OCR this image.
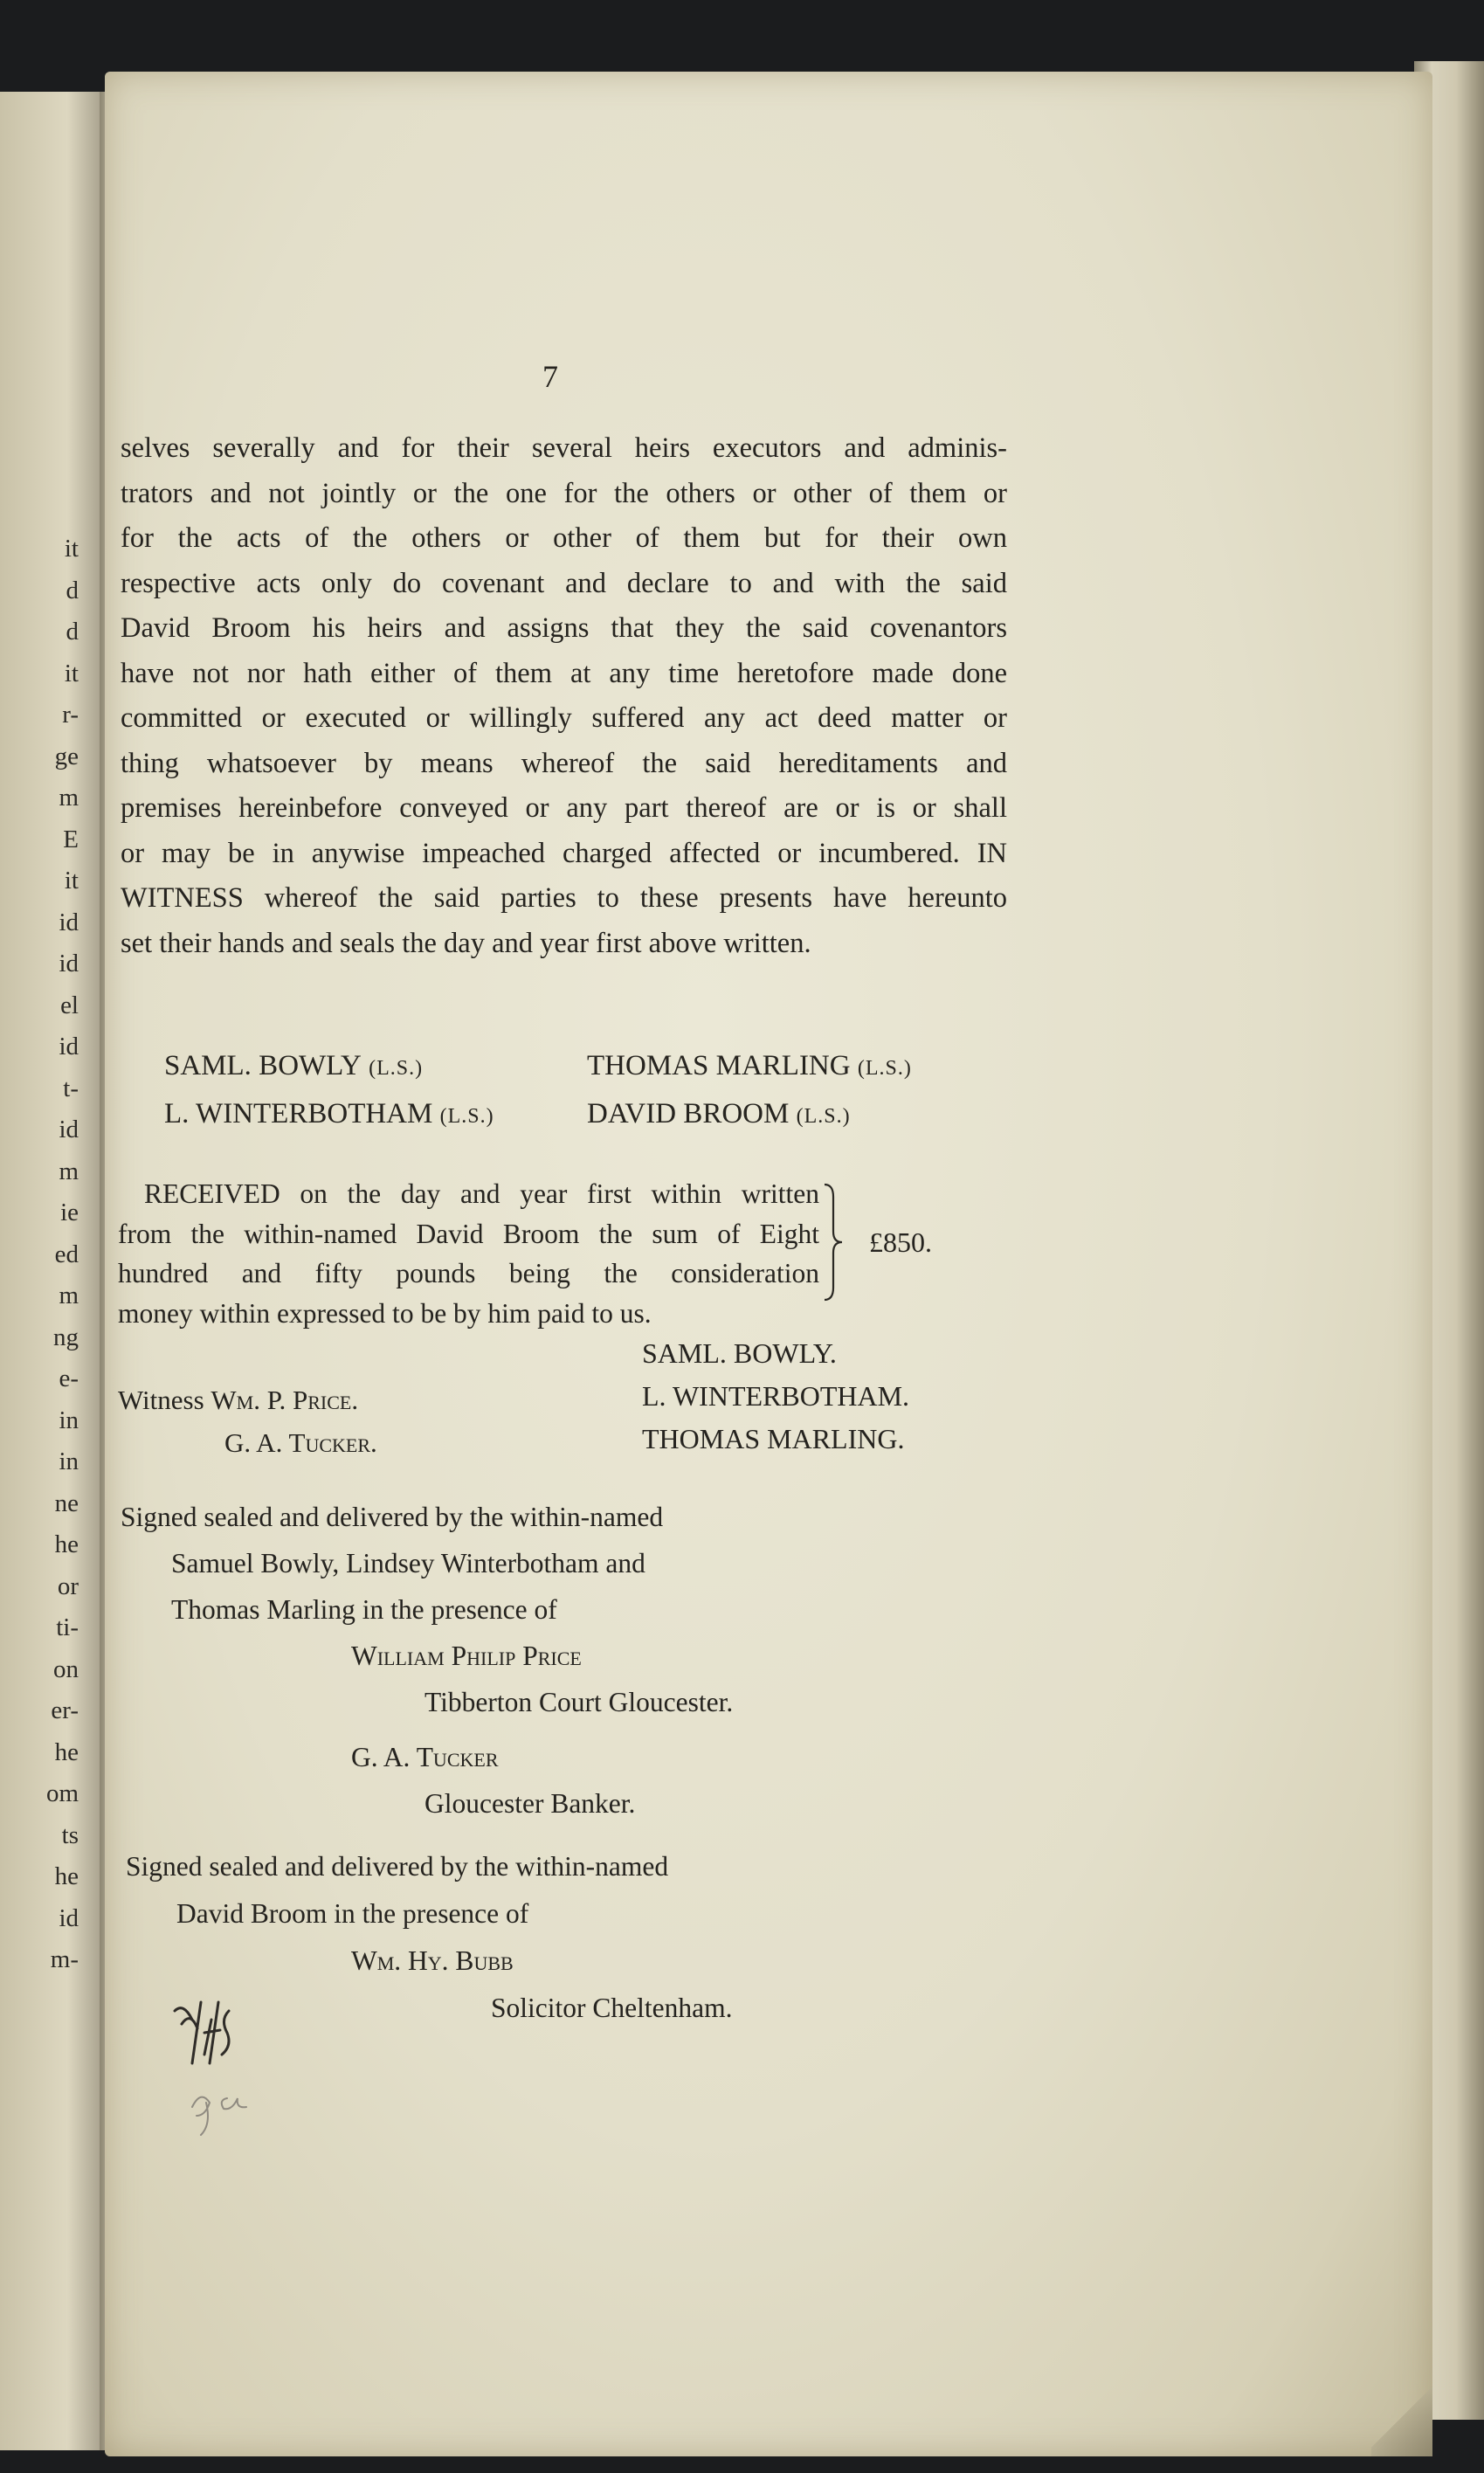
it
d
d
it
r-
ge
m
E
it
id
id
el
id
t-
id
m
ie
ed
m
ng
e-
in
in
ne
he
or
ti-
on
er-
he
om
ts
he
id
m-
7
selves severally and for their several heirs executors and adminis-
trators and not jointly or the one for the others or other of them or
for the acts of the others or other of them but for their own
respective acts only do covenant and declare to and with the said
David Broom his heirs and assigns that they the said covenantors
have not nor hath either of them at any time heretofore made done
committed or executed or willingly suffered any act deed matter or
thing whatsoever by means whereof the said hereditaments and
premises hereinbefore conveyed or any part thereof are or is or shall
or may be in anywise impeached charged affected or incumbered. IN
WITNESS whereof the said parties to these presents have hereunto
set their hands and seals the day and year first above written.
SAML. BOWLY (L.S.)	THOMAS MARLING (L.S.)
L. WINTERBOTHAM (L.S.)	DAVID BROOM (L.S.)
RECEIVED on the day and year first within written
from the within-named David Broom the sum of Eight
hundred and fifty pounds being the consideration
money within expressed to be by him paid to us.
£850.
SAML. BOWLY.
L. WINTERBOTHAM.
THOMAS MARLING.
Witness Wm. P. Price.
G. A. Tucker.
Signed sealed and delivered by the within-named
Samuel Bowly, Lindsey Winterbotham and
Thomas Marling in the presence of
William Philip Price
Tibberton Court Gloucester.
G. A. Tucker
Gloucester Banker.
Signed sealed and delivered by the within-named
David Broom in the presence of
Wm. Hy. Bubb
Solicitor Cheltenham.
